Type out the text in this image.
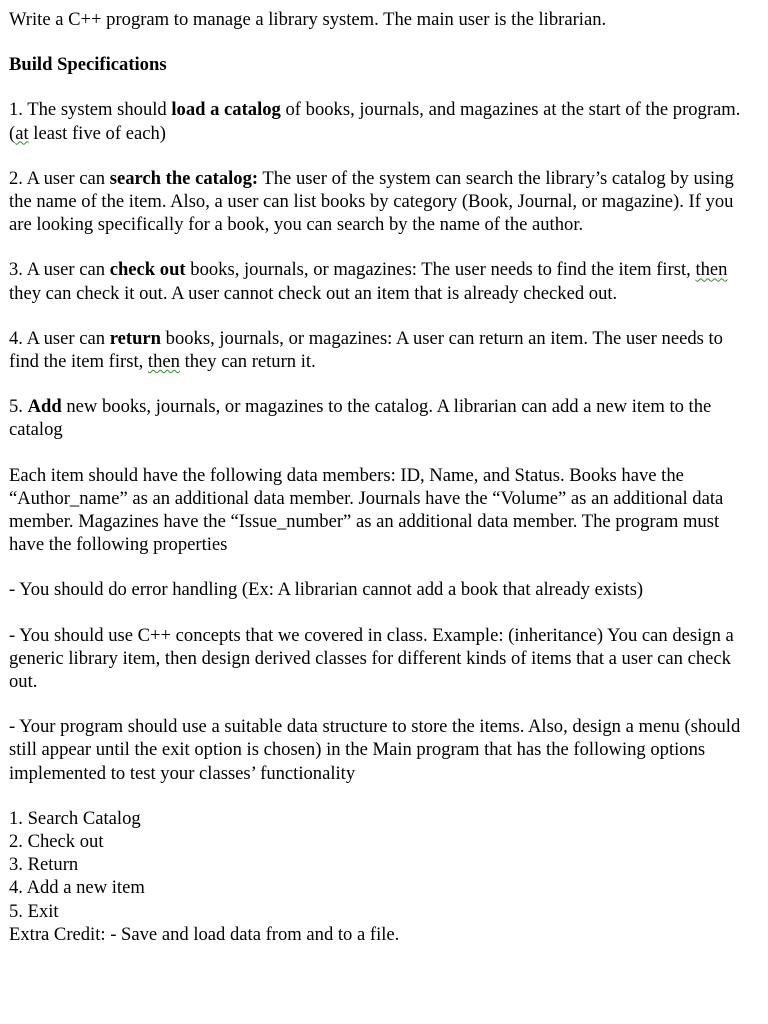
Write a C++ program to manage a library system. The main user is the librarian.

Build Specifications

1. The system should load a catalog of books, journals, and magazines at the start of the program. (at least five of each)

2. A user can search the catalog: The user of the system can search the library’s catalog by using the name of the item. Also, a user can list books by category (Book, Journal, or magazine). If you are looking specifically for a book, you can search by the name of the author.

3. A user can check out books, journals, or magazines: The user needs to find the item first, then they can check it out. A user cannot check out an item that is already checked out.

4. A user can return books, journals, or magazines: A user can return an item. The user needs to find the item first, then they can return it.

5. Add new books, journals, or magazines to the catalog. A librarian can add a new item to the catalog

Each item should have the following data members: ID, Name, and Status. Books have the “Author_name” as an additional data member. Journals have the “Volume” as an additional data member. Magazines have the “Issue_number” as an additional data member. The program must have the following properties

- You should do error handling (Ex: A librarian cannot add a book that already exists)

- You should use C++ concepts that we covered in class. Example: (inheritance) You can design a generic library item, then design derived classes for different kinds of items that a user can check out.

- Your program should use a suitable data structure to store the items. Also, design a menu (should still appear until the exit option is chosen) in the Main program that has the following options implemented to test your classes’ functionality

1. Search Catalog
2. Check out
3. Return
4. Add a new item
5. Exit

Extra Credit: - Save and load data from and to a file.
